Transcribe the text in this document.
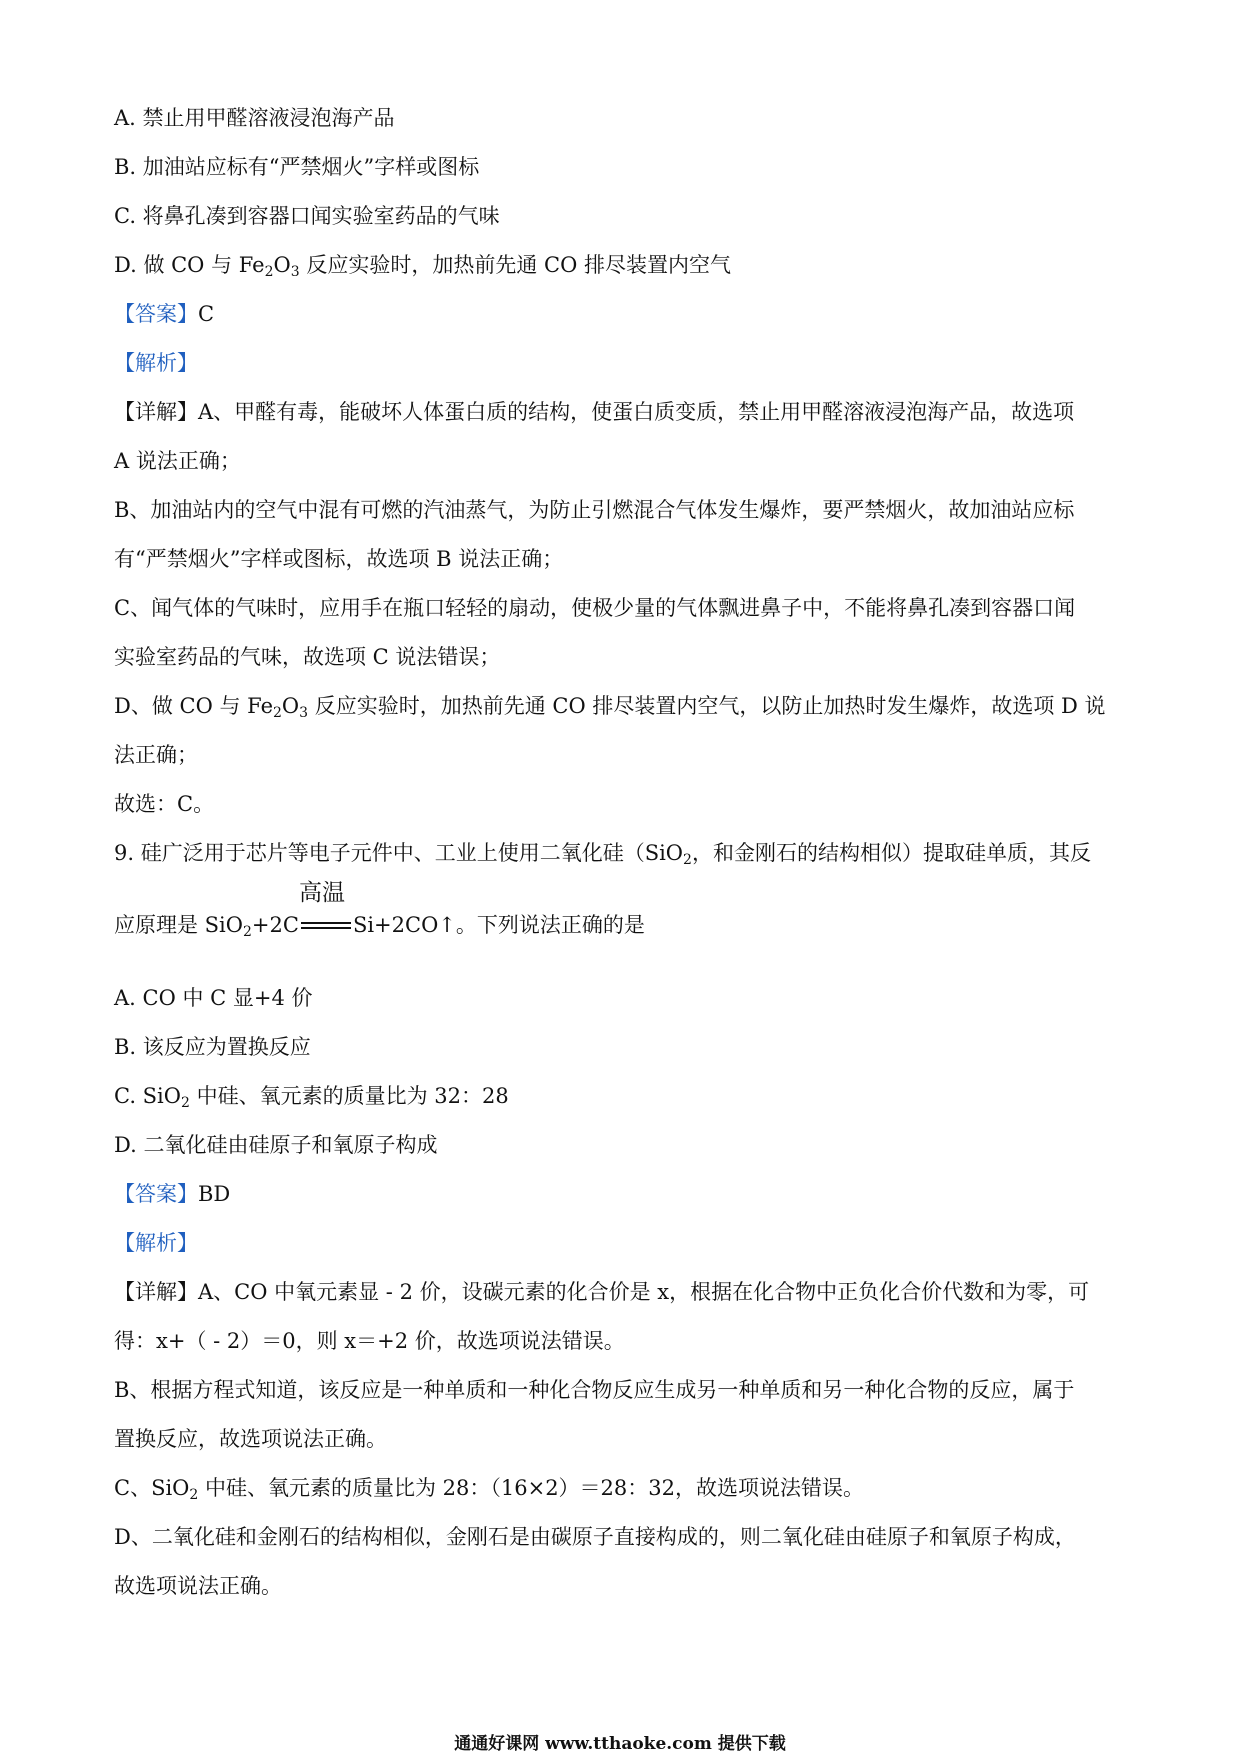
A. 禁止用甲醛溶液浸泡海产品
B. 加油站应标有“严禁烟火”字样或图标
C. 将鼻孔凑到容器口闻实验室药品的气味
D. 做 CO 与 $Fe_2O_3$ 反应实验时，加热前先通 CO 排尽装置内空气
【答案】C
【解析】
【详解】A、甲醛有毒，能破坏人体蛋白质的结构，使蛋白质变质，禁止用甲醛溶液浸泡海产品，故选项
A 说法正确；
B、加油站内的空气中混有可燃的汽油蒸气，为防止引燃混合气体发生爆炸，要严禁烟火，故加油站应标
有“严禁烟火”字样或图标，故选项 B 说法正确；
C、闻气体的气味时，应用手在瓶口轻轻的扇动，使极少量的气体飘进鼻子中，不能将鼻孔凑到容器口闻
实验室药品的气味，故选项 C 说法错误；
D、做 CO 与 $Fe_2O_3$ 反应实验时，加热前先通 CO 排尽装置内空气，以防止加热时发生爆炸，故选项 D 说
法正确；
故选：C。
9. 硅广泛用于芯片等电子元件中、工业上使用二氧化硅（SiO$_2$，和金刚石的结构相似）提取硅单质，其反
应原理是 SiO$_2$+2C
高温
Si+2CO↑。下列说法正确的是
A. CO 中 C 显+4 价
B. 该反应为置换反应
C. SiO$_2$ 中硅、氧元素的质量比为 32：28
D. 二氧化硅由硅原子和氧原子构成
【答案】BD
【解析】
【详解】A、CO 中氧元素显 - 2 价，设碳元素的化合价是 x，根据在化合物中正负化合价代数和为零，可
得：x+（ - 2）＝0，则 x＝+2 价，故选项说法错误。
B、根据方程式知道，该反应是一种单质和一种化合物反应生成另一种单质和另一种化合物的反应，属于
置换反应，故选项说法正确。
C、SiO$_2$ 中硅、氧元素的质量比为 28：（16×2）＝28：32，故选项说法错误。
D、二氧化硅和金刚石的结构相似，金刚石是由碳原子直接构成的，则二氧化硅由硅原子和氧原子构成，
故选项说法正确。
通通好课网 www.tthaoke.com 提供下载
